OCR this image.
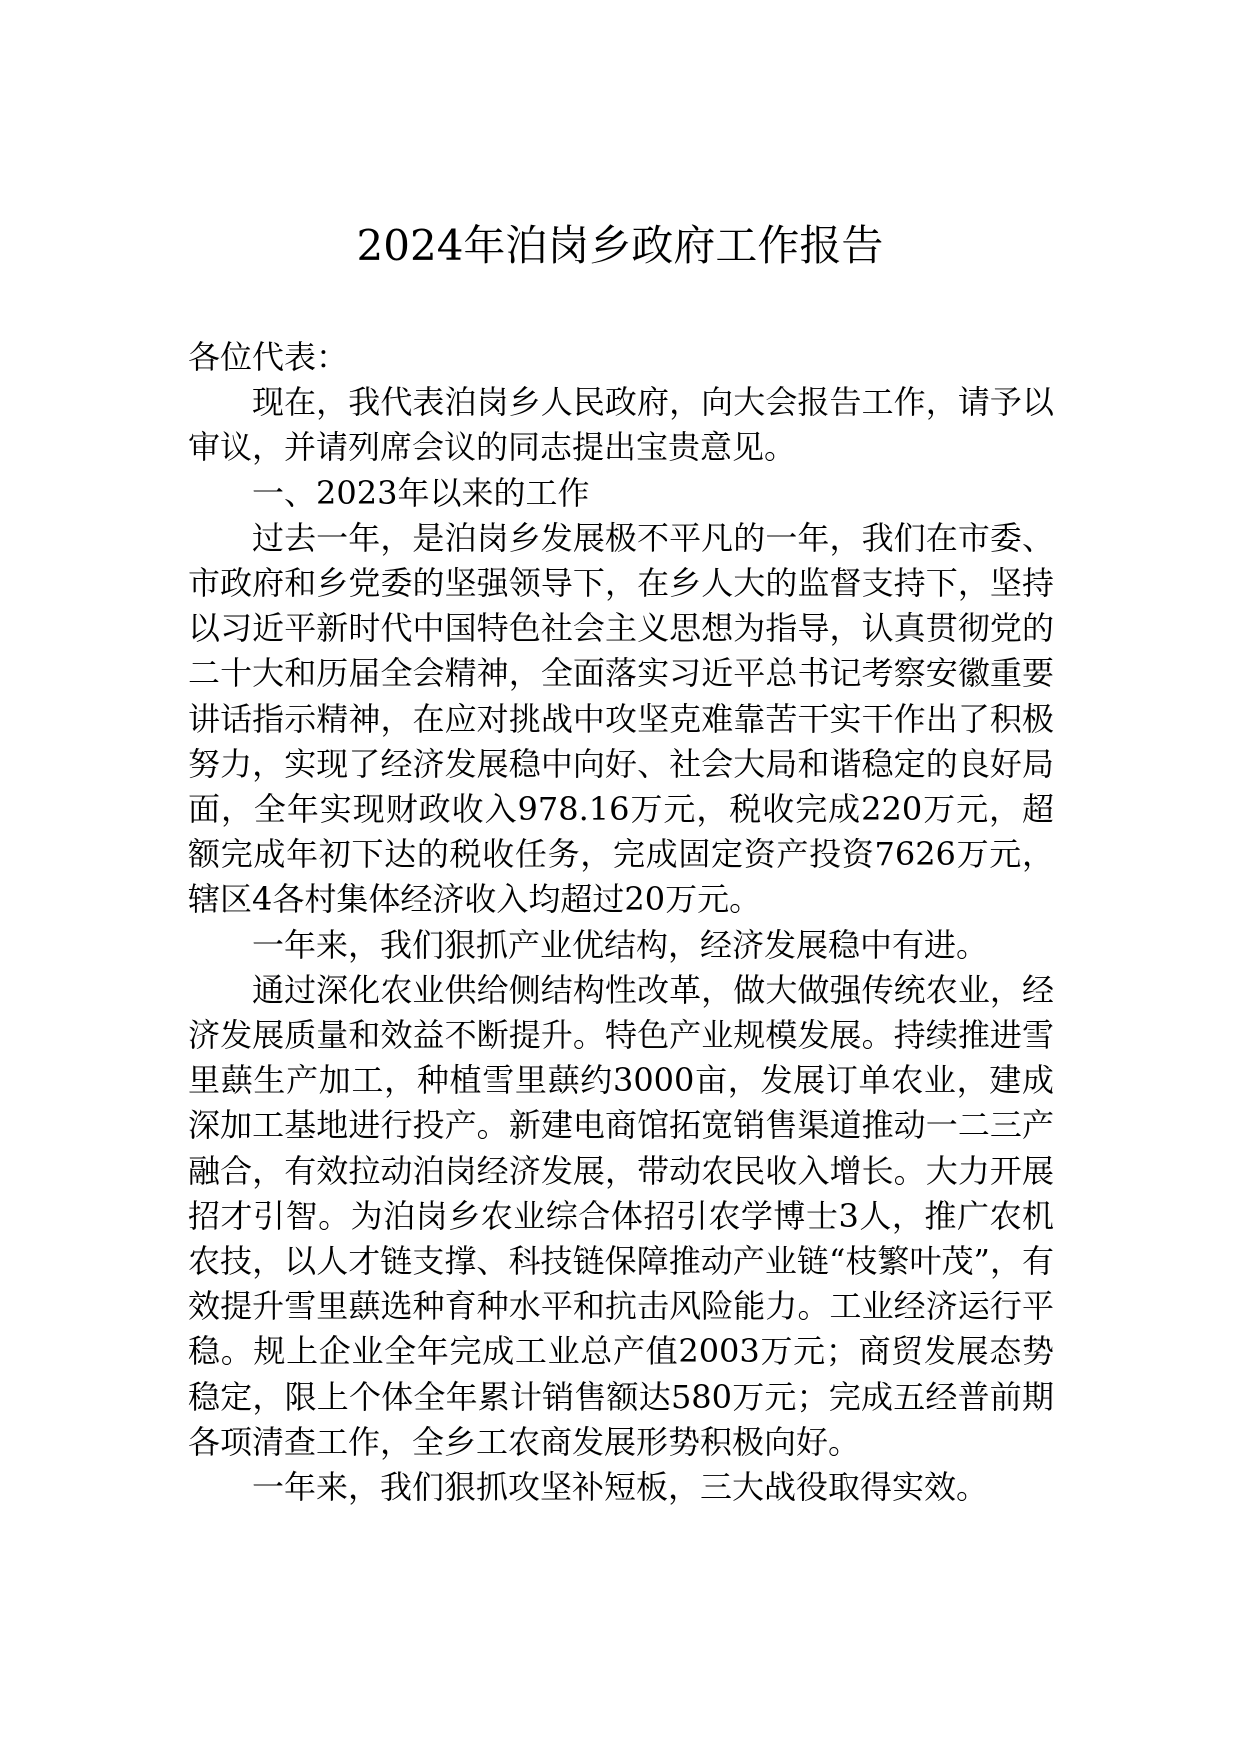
2024年泊岗乡政府工作报告

各位代表：

现在，我代表泊岗乡人民政府，向大会报告工作，请予以审议，并请列席会议的同志提出宝贵意见。

一、2023年以来的工作

过去一年，是泊岗乡发展极不平凡的一年，我们在市委、市政府和乡党委的坚强领导下，在乡人大的监督支持下，坚持以习近平新时代中国特色社会主义思想为指导，认真贯彻党的二十大和历届全会精神，全面落实习近平总书记考察安徽重要讲话指示精神，在应对挑战中攻坚克难靠苦干实干作出了积极努力，实现了经济发展稳中向好、社会大局和谐稳定的良好局面，全年实现财政收入978.16万元，税收完成220万元，超额完成年初下达的税收任务，完成固定资产投资7626万元，辖区4各村集体经济收入均超过20万元。

一年来，我们狠抓产业优结构，经济发展稳中有进。

通过深化农业供给侧结构性改革，做大做强传统农业，经济发展质量和效益不断提升。特色产业规模发展。持续推进雪里蕻生产加工，种植雪里蕻约3000亩，发展订单农业，建成深加工基地进行投产。新建电商馆拓宽销售渠道推动一二三产融合，有效拉动泊岗经济发展，带动农民收入增长。大力开展招才引智。为泊岗乡农业综合体招引农学博士3人，推广农机农技，以人才链支撑、科技链保障推动产业链“枝繁叶茂”，有效提升雪里蕻选种育种水平和抗击风险能力。工业经济运行平稳。规上企业全年完成工业总产值2003万元；商贸发展态势稳定，限上个体全年累计销售额达580万元；完成五经普前期各项清查工作，全乡工农商发展形势积极向好。

一年来，我们狠抓攻坚补短板，三大战役取得实效。
